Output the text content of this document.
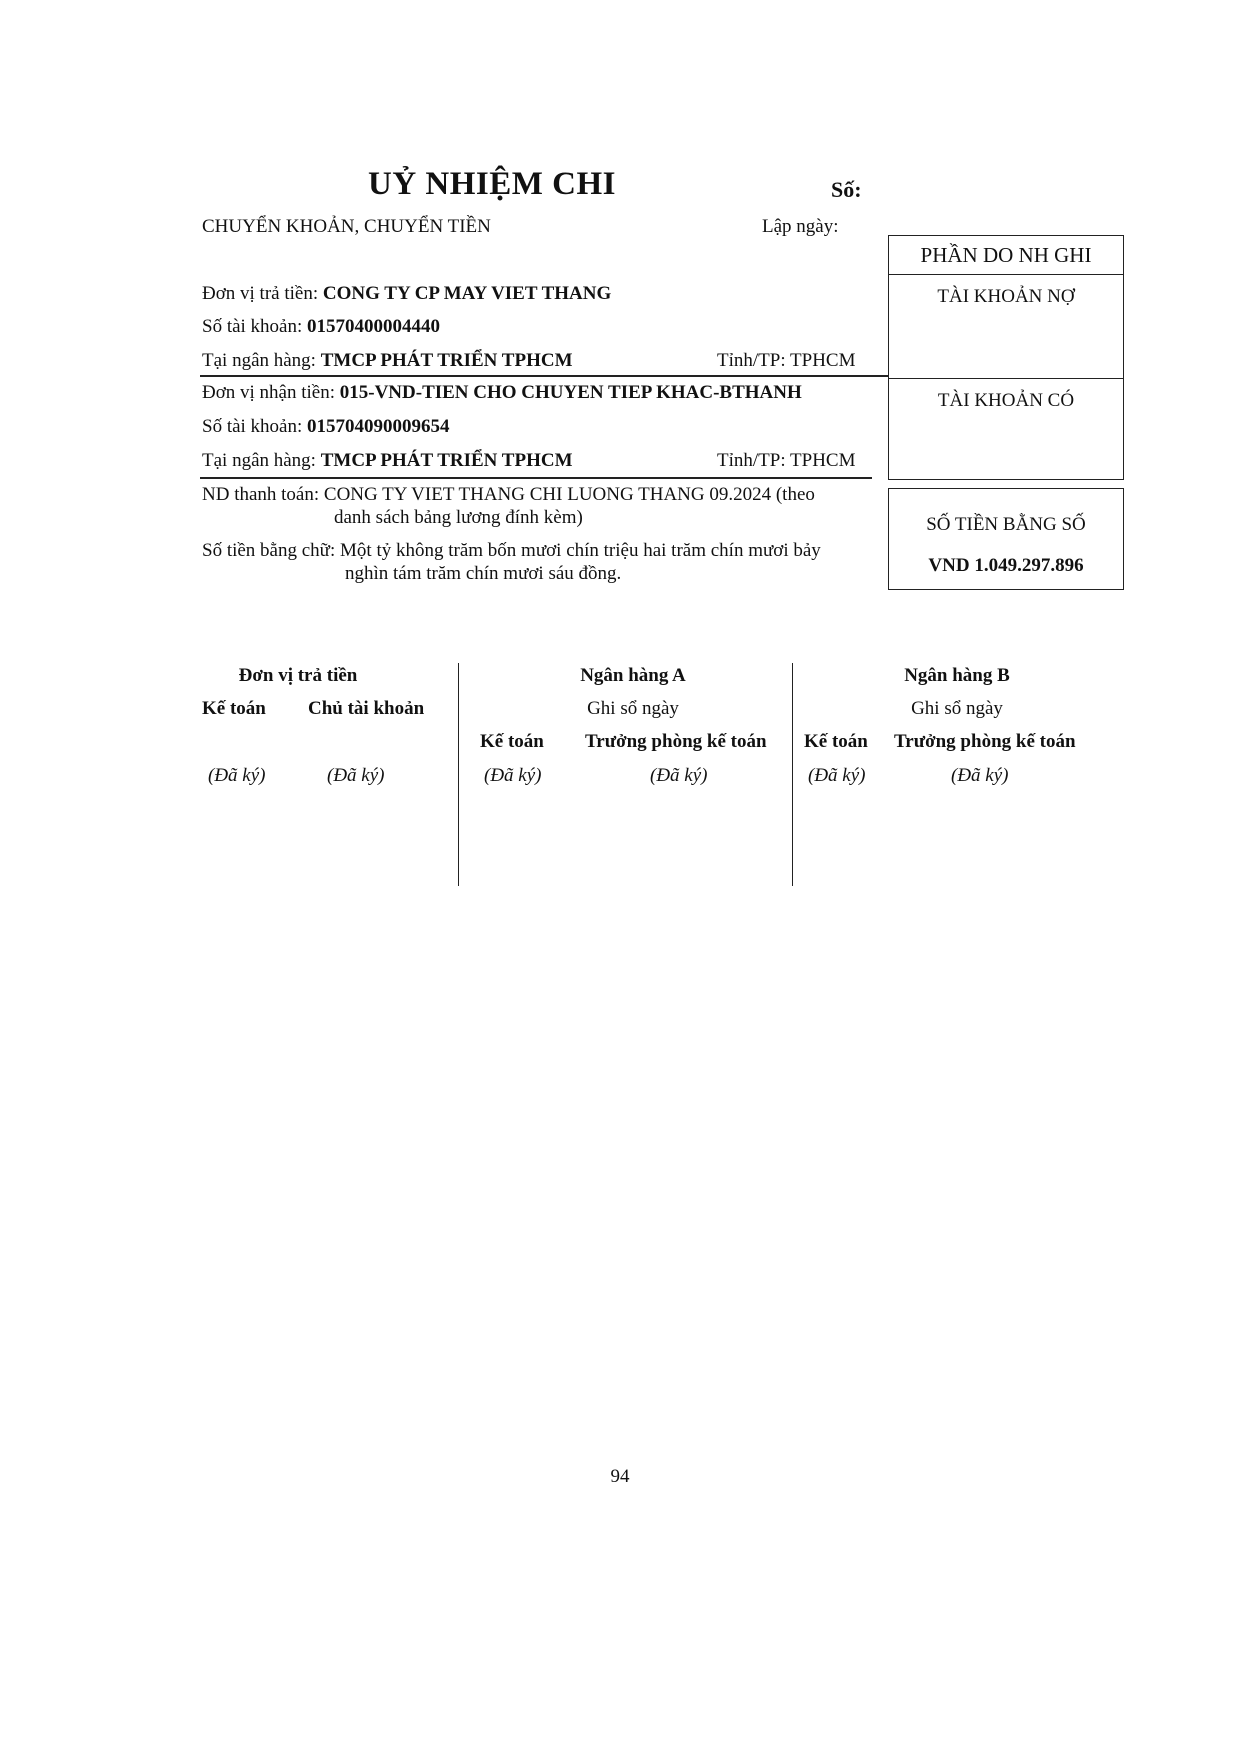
UỶ NHIỆM CHI	Số:
CHUYỂN KHOẢN, CHUYỂN TIỀN	Lập ngày:
Đơn vị trả tiền: CONG TY CP MAY VIET THANG
Số tài khoản: 01570400004440
Tại ngân hàng: TMCP PHÁT TRIỂN TPHCM	Tỉnh/TP: TPHCM
Đơn vị nhận tiền: 015-VND-TIEN CHO CHUYEN TIEP KHAC-BTHANH
Số tài khoản: 015704090009654
Tại ngân hàng: TMCP PHÁT TRIỂN TPHCM	Tỉnh/TP: TPHCM
ND thanh toán: CONG TY VIET THANG CHI LUONG THANG 09.2024 (theo
danh sách bảng lương đính kèm)
Số tiền bằng chữ: Một tỷ không trăm bốn mươi chín triệu hai trăm chín mươi bảy
nghìn tám trăm chín mươi sáu đồng.
PHẦN DO NH GHI
TÀI KHOẢN NỢ
TÀI KHOẢN CÓ
SỐ TIỀN BẰNG SỐ
VND 1.049.297.896
Đơn vị trả tiền
Kế toán Chủ tài khoản
(Đã ký)	(Đã ký)
Ngân hàng A
Ghi sổ ngày
Kế toán Trưởng phòng kế toán
(Đã ký)	(Đã ký)
Ngân hàng B
Ghi sổ ngày
Kế toán Trưởng phòng kế toán
(Đã ký)	(Đã ký)
94
